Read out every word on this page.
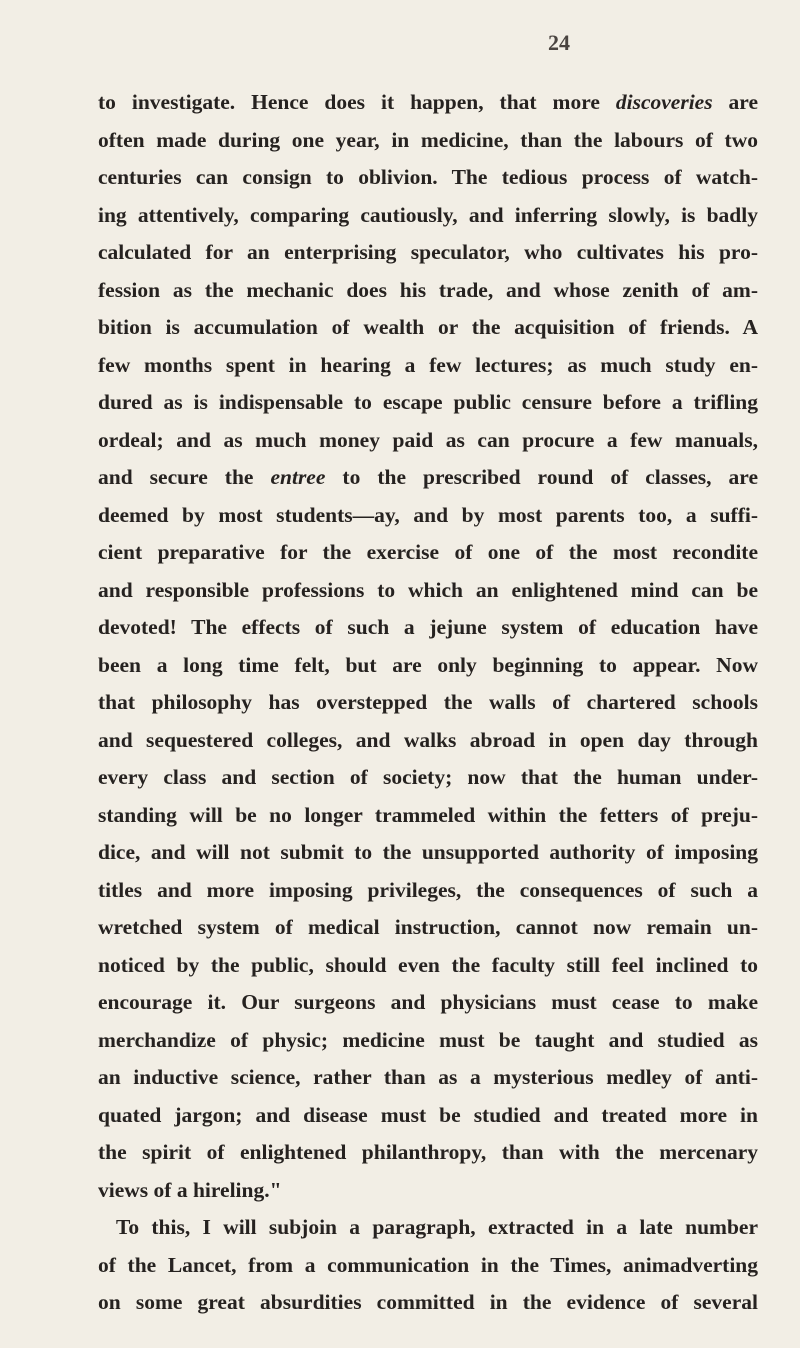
24
to investigate. Hence does it happen, that more discoveries are
often made during one year, in medicine, than the labours of two
centuries can consign to oblivion. The tedious process of watch-
ing attentively, comparing cautiously, and inferring slowly, is badly
calculated for an enterprising speculator, who cultivates his pro-
fession as the mechanic does his trade, and whose zenith of am-
bition is accumulation of wealth or the acquisition of friends. A
few months spent in hearing a few lectures; as much study en-
dured as is indispensable to escape public censure before a trifling
ordeal; and as much money paid as can procure a few manuals,
and secure the entree to the prescribed round of classes, are
deemed by most students—ay, and by most parents too, a suffi-
cient preparative for the exercise of one of the most recondite
and responsible professions to which an enlightened mind can be
devoted! The effects of such a jejune system of education have
been a long time felt, but are only beginning to appear. Now
that philosophy has overstepped the walls of chartered schools
and sequestered colleges, and walks abroad in open day through
every class and section of society; now that the human under-
standing will be no longer trammeled within the fetters of preju-
dice, and will not submit to the unsupported authority of imposing
titles and more imposing privileges, the consequences of such a
wretched system of medical instruction, cannot now remain un-
noticed by the public, should even the faculty still feel inclined to
encourage it. Our surgeons and physicians must cease to make
merchandize of physic; medicine must be taught and studied as
an inductive science, rather than as a mysterious medley of anti-
quated jargon; and disease must be studied and treated more in
the spirit of enlightened philanthropy, than with the mercenary
views of a hireling."
To this, I will subjoin a paragraph, extracted in a late number
of the Lancet, from a communication in the Times, animadverting
on some great absurdities committed in the evidence of several
